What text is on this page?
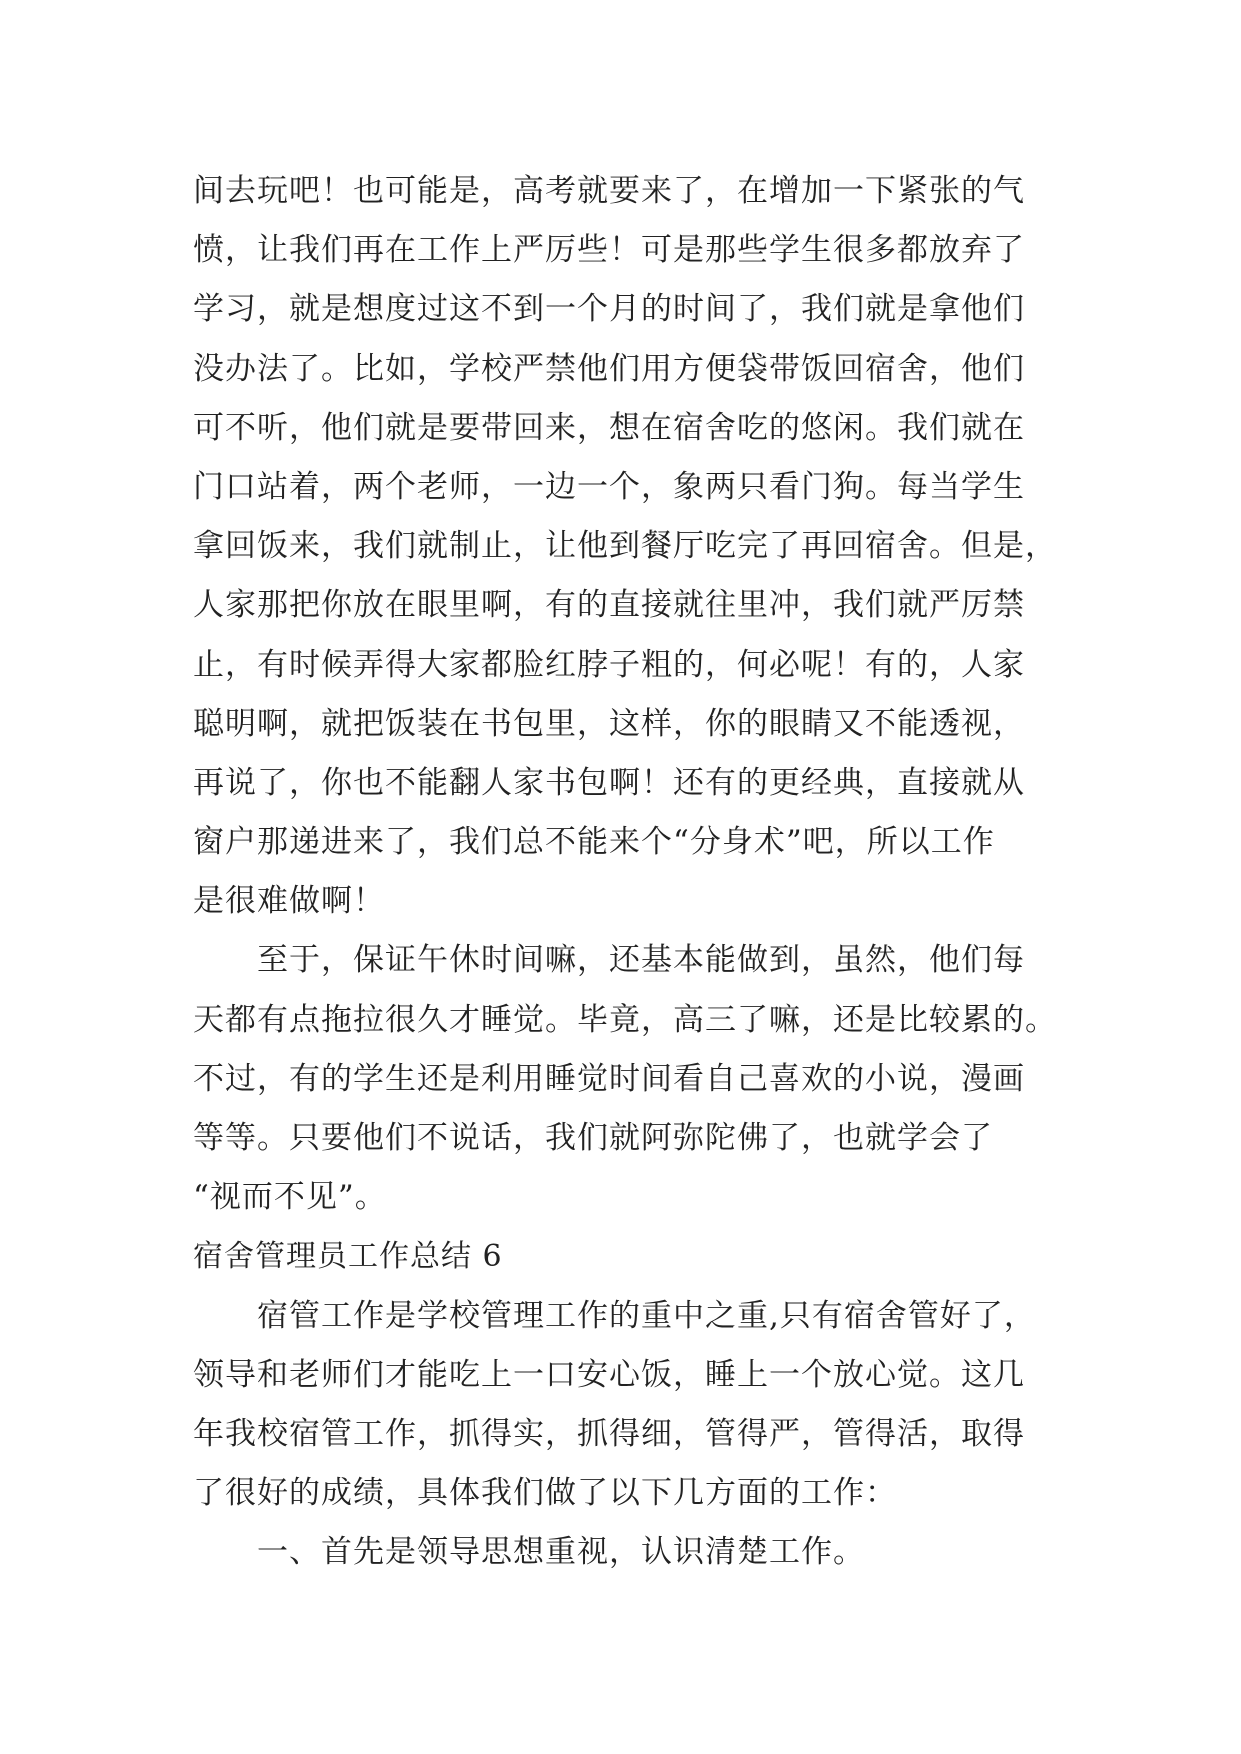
间去玩吧！也可能是，高考就要来了，在增加一下紧张的气
愤，让我们再在工作上严厉些！可是那些学生很多都放弃了
学习，就是想度过这不到一个月的时间了，我们就是拿他们
没办法了。比如，学校严禁他们用方便袋带饭回宿舍，他们
可不听，他们就是要带回来，想在宿舍吃的悠闲。我们就在
门口站着，两个老师，一边一个，象两只看门狗。每当学生
拿回饭来，我们就制止，让他到餐厅吃完了再回宿舍。但是，
人家那把你放在眼里啊，有的直接就往里冲，我们就严厉禁
止，有时候弄得大家都脸红脖子粗的，何必呢！有的，人家
聪明啊，就把饭装在书包里，这样，你的眼睛又不能透视，
再说了，你也不能翻人家书包啊！还有的更经典，直接就从
窗户那递进来了，我们总不能来个“分身术”吧，所以工作
是很难做啊！
至于，保证午休时间嘛，还基本能做到，虽然，他们每
天都有点拖拉很久才睡觉。毕竟，高三了嘛，还是比较累的。
不过，有的学生还是利用睡觉时间看自己喜欢的小说，漫画
等等。只要他们不说话，我们就阿弥陀佛了，也就学会了
“视而不见”。
宿舍管理员工作总结 6
宿管工作是学校管理工作的重中之重,只有宿舍管好了，
领导和老师们才能吃上一口安心饭，睡上一个放心觉。这几
年我校宿管工作，抓得实，抓得细，管得严，管得活，取得
了很好的成绩，具体我们做了以下几方面的工作：
一、首先是领导思想重视，认识清楚工作。
